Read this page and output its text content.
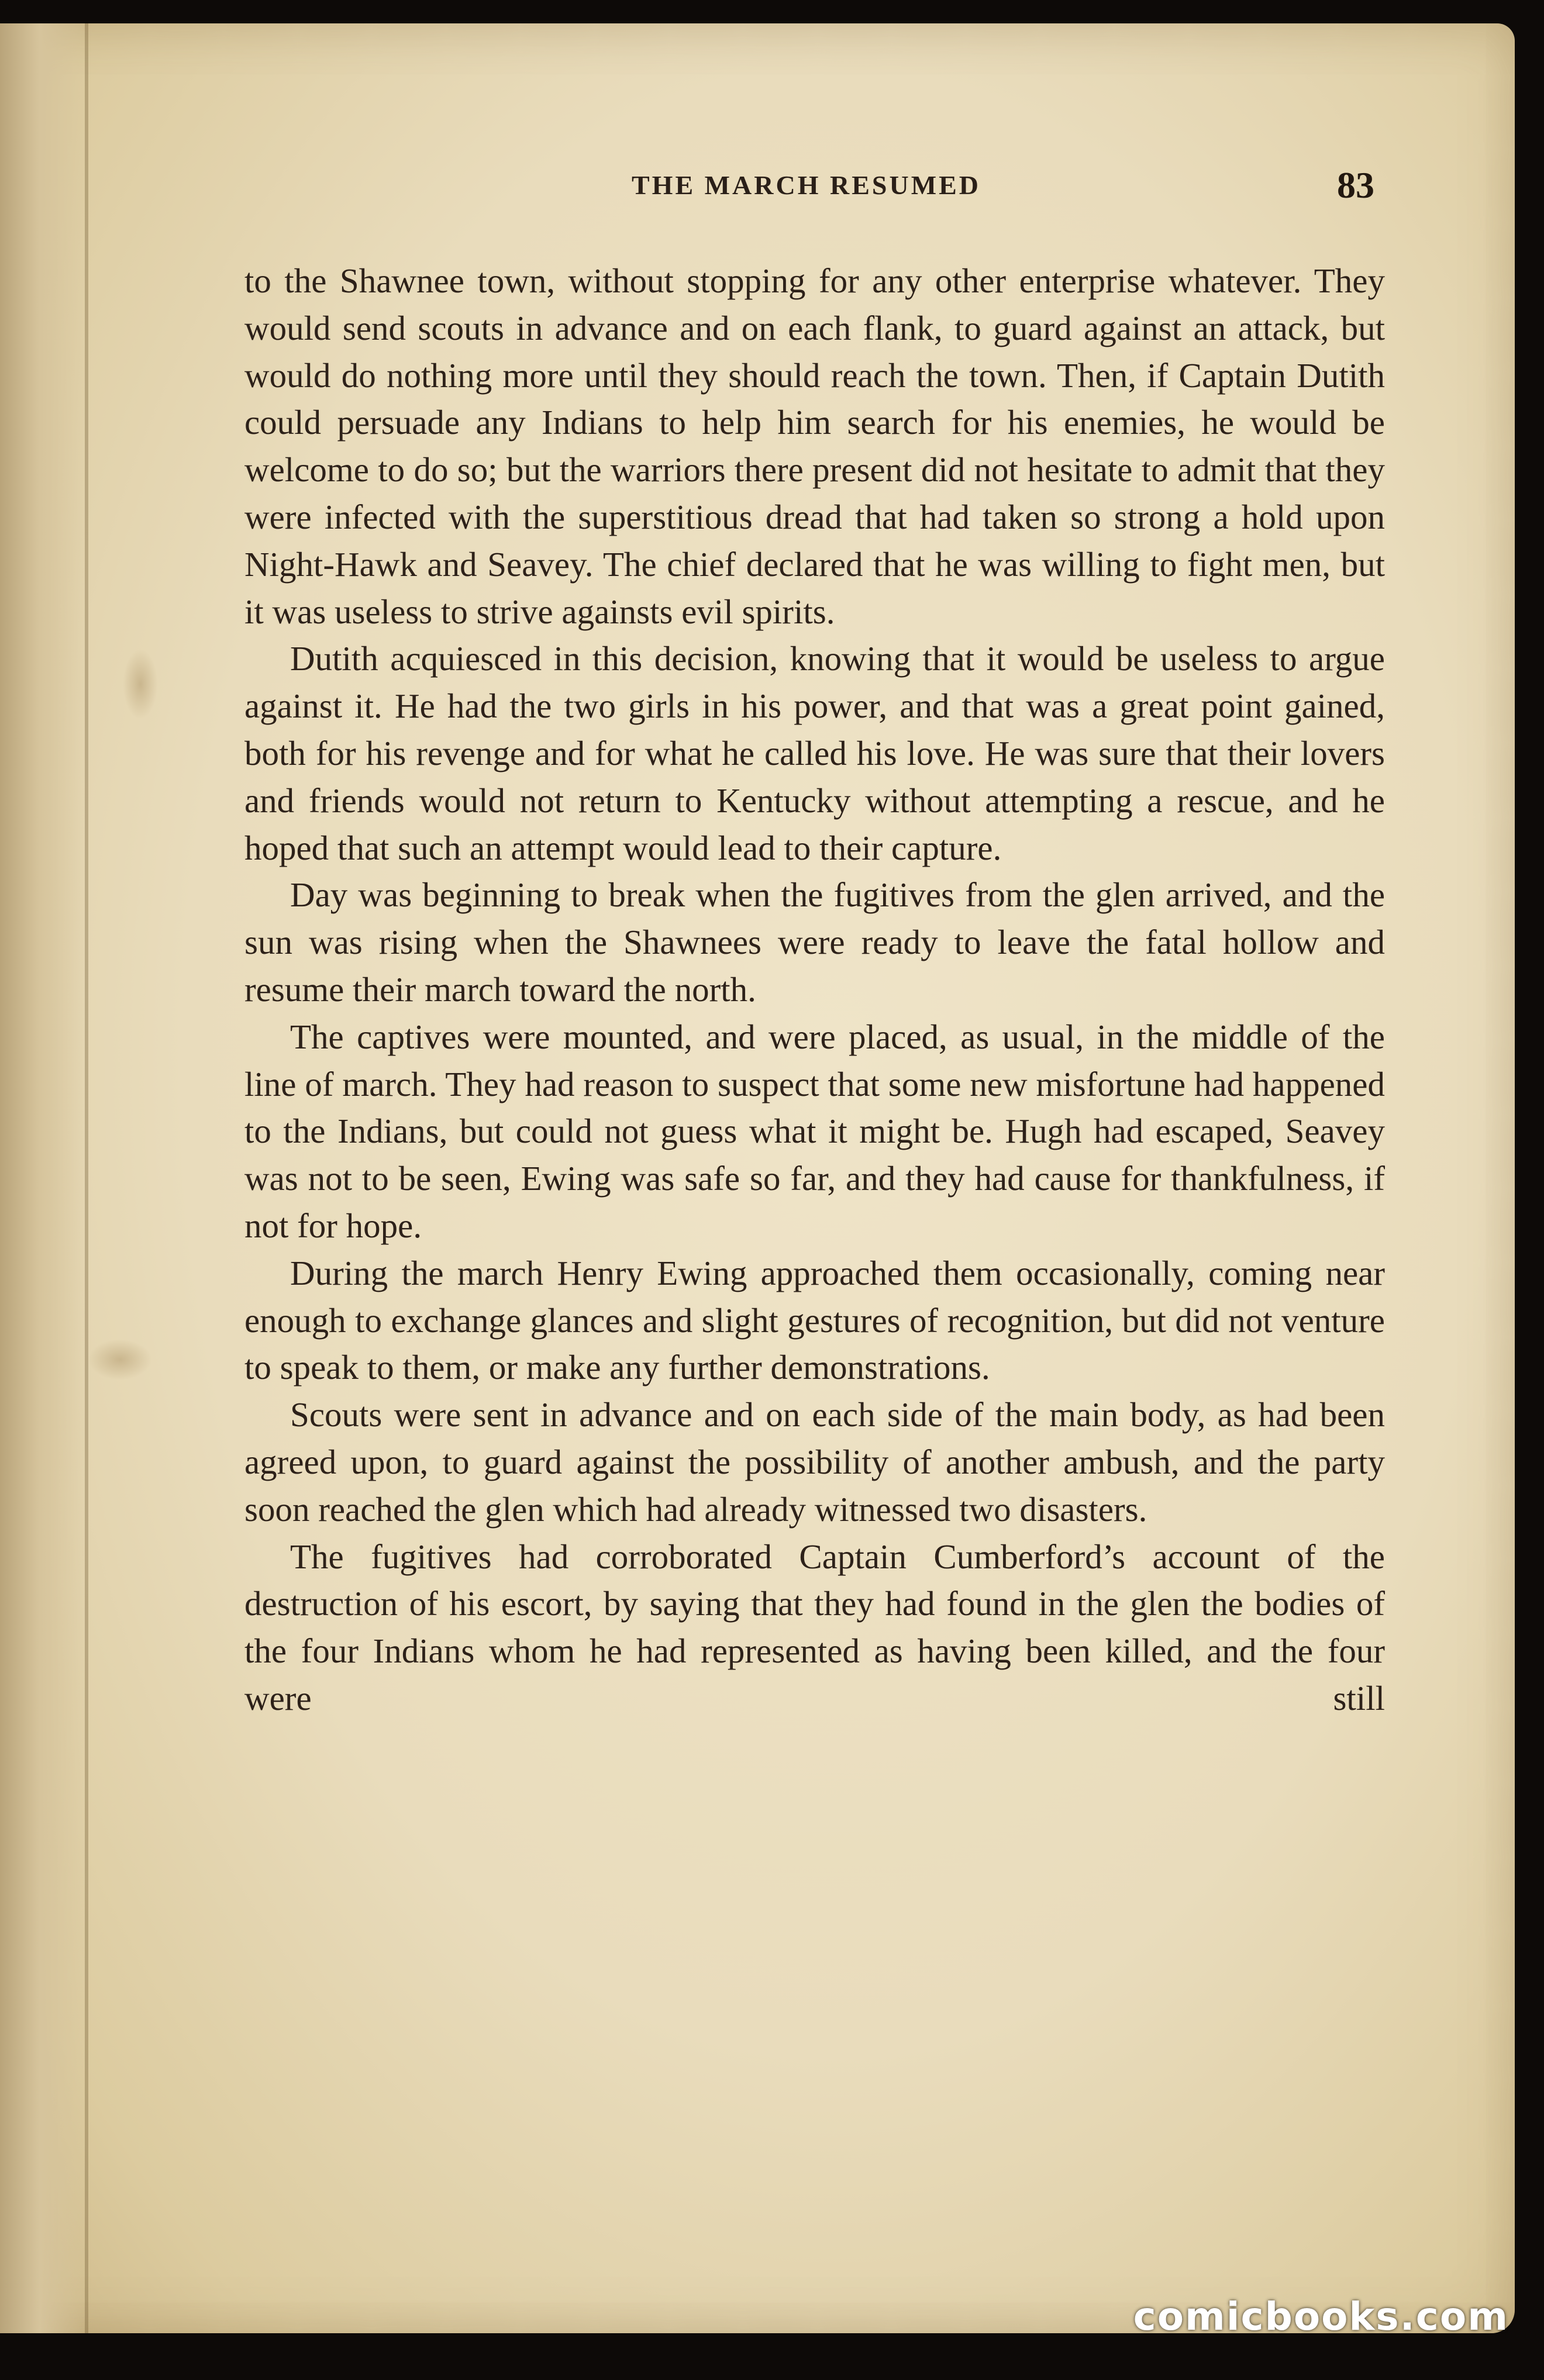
THE MARCH RESUMED	83

to the Shawnee town, without stopping for any other enterprise whatever. They would send scouts in advance and on each flank, to guard against an attack, but would do nothing more until they should reach the town. Then, if Captain Dutith could persuade any Indians to help him search for his enemies, he would be welcome to do so; but the warriors there present did not hesitate to admit that they were infected with the superstitious dread that had taken so strong a hold upon Night-Hawk and Seavey. The chief declared that he was willing to fight men, but it was useless to strive againsts evil spirits.

Dutith acquiesced in this decision, knowing that it would be useless to argue against it. He had the two girls in his power, and that was a great point gained, both for his revenge and for what he called his love. He was sure that their lovers and friends would not return to Kentucky without attempting a rescue, and he hoped that such an attempt would lead to their capture.

Day was beginning to break when the fugitives from the glen arrived, and the sun was rising when the Shawnees were ready to leave the fatal hollow and resume their march toward the north.

The captives were mounted, and were placed, as usual, in the middle of the line of march. They had reason to suspect that some new misfortune had happened to the Indians, but could not guess what it might be. Hugh had escaped, Seavey was not to be seen, Ewing was safe so far, and they had cause for thankfulness, if not for hope.

During the march Henry Ewing approached them occasionally, coming near enough to exchange glances and slight gestures of recognition, but did not venture to speak to them, or make any further demonstrations.

Scouts were sent in advance and on each side of the main body, as had been agreed upon, to guard against the possibility of another ambush, and the party soon reached the glen which had already witnessed two disasters.

The fugitives had corroborated Captain Cumberford’s account of the destruction of his escort, by saying that they had found in the glen the bodies of the four Indians whom he had represented as having been killed, and the four were still

comicbooks.com
